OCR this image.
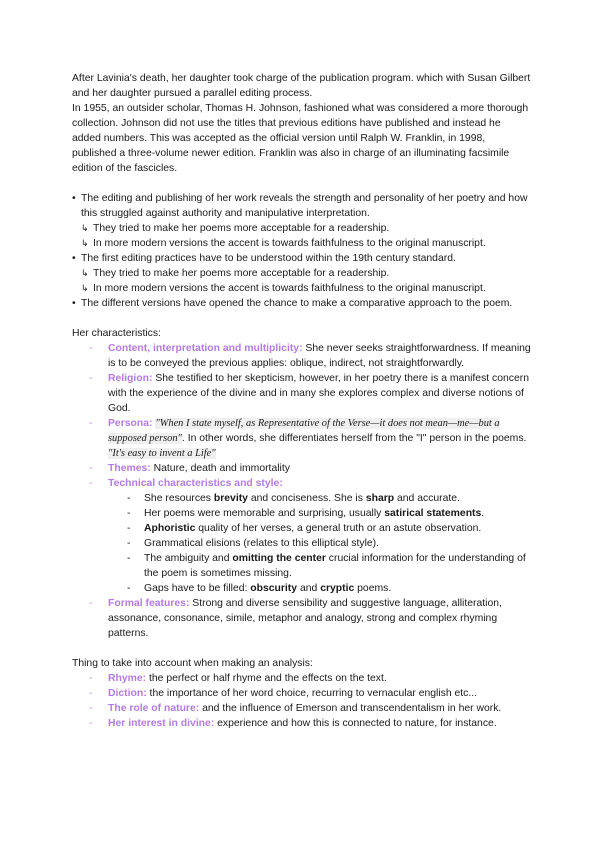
After Lavinia's death, her daughter took charge of the publication program. which with Susan Gilbert and her daughter pursued a parallel editing process.

In 1955, an outsider scholar, Thomas H. Johnson, fashioned what was considered a more thorough collection. Johnson did not use the titles that previous editions have published and instead he added numbers. This was accepted as the official version until Ralph W. Franklin, in 1998, published a three-volume newer edition. Franklin was also in charge of an illuminating facsimile edition of the fascicles.

• The editing and publishing of her work reveals the strength and personality of her poetry and how this struggled against authority and manipulative interpretation.
↳ They tried to make her poems more acceptable for a readership.
↳ In more modern versions the accent is towards faithfulness to the original manuscript.
• The first editing practices have to be understood within the 19th century standard.
↳ They tried to make her poems more acceptable for a readership.
↳ In more modern versions the accent is towards faithfulness to the original manuscript.
• The different versions have opened the chance to make a comparative approach to the poem.

Her characteristics:

-	Content, interpretation and multiplicity: She never seeks straightforwardness. If meaning is to be conveyed the previous applies: oblique, indirect, not straightforwardly.
-	Religion: She testified to her skepticism, however, in her poetry there is a manifest concern with the experience of the divine and in many she explores complex and diverse notions of God.
-	Persona: "When I state myself, as Representative of the Verse—it does not mean—me—but a supposed person". In other words, she differentiates herself from the "I" person in the poems. "It's easy to invent a Life"
-	Themes: Nature, death and immortality
-	Technical characteristics and style:
-	She resources brevity and conciseness. She is sharp and accurate.
-	Her poems were memorable and surprising, usually satirical statements.
-	Aphoristic quality of her verses, a general truth or an astute observation.
-	Grammatical elisions (relates to this elliptical style).
-	The ambiguity and omitting the center crucial information for the understanding of the poem is sometimes missing.
-	Gaps have to be filled: obscurity and cryptic poems.
-	Formal features: Strong and diverse sensibility and suggestive language, alliteration, assonance, consonance, simile, metaphor and analogy, strong and complex rhyming patterns.

Thing to take into account when making an analysis:

-	Rhyme: the perfect or half rhyme and the effects on the text.
-	Diction: the importance of her word choice, recurring to vernacular english etc...
-	The role of nature: and the influence of Emerson and transcendentalism in her work.
-	Her interest in divine: experience and how this is connected to nature, for instance.
